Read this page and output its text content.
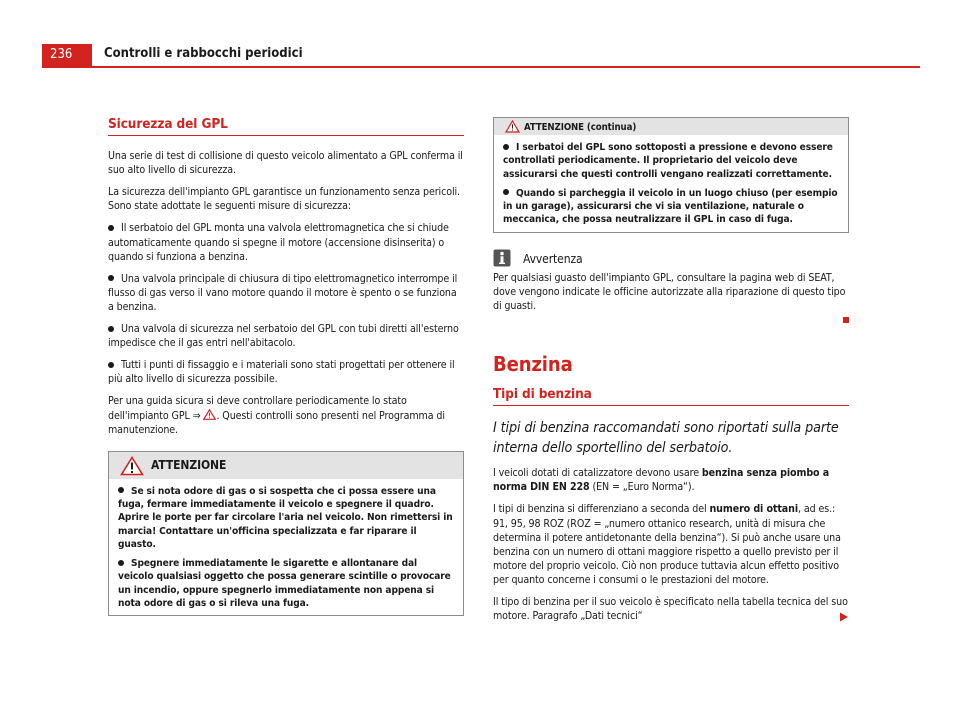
236	Controlli e rabbocchi periodici
Sicurezza del GPL

Una serie di test di collisione di questo veicolo alimentato a GPL conferma il suo alto livello di sicurezza.

La sicurezza dell'impianto GPL garantisce un funzionamento senza pericoli. Sono state adottate le seguenti misure di sicurezza:

Il serbatoio del GPL monta una valvola elettromagnetica che si chiude automaticamente quando si spegne il motore (accensione disinserita) o quando si funziona a benzina.

Una valvola principale di chiusura di tipo elettromagnetico interrompe il flusso di gas verso il vano motore quando il motore è spento o se funziona a benzina.

Una valvola di sicurezza nel serbatoio del GPL con tubi diretti all'esterno impedisce che il gas entri nell'abitacolo.

Tutti i punti di fissaggio e i materiali sono stati progettati per ottenere il più alto livello di sicurezza possibile.

Per una guida sicura si deve controllare periodicamente lo stato dell'impianto GPL ⇒ . Questi controlli sono presenti nel Programma di manutenzione.

ATTENZIONE

Se si nota odore di gas o si sospetta che ci possa essere una fuga, fermare immediatamente il veicolo e spegnere il quadro. Aprire le porte per far circolare l'aria nel veicolo. Non rimettersi in marcia! Contattare un'officina specializzata e far riparare il guasto.

Spegnere immediatamente le sigarette e allontanare dal veicolo qualsiasi oggetto che possa generare scintille o provocare un incendio, oppure spegnerlo immediatamente non appena si nota odore di gas o si rileva una fuga.

ATTENZIONE (continua)

I serbatoi del GPL sono sottoposti a pressione e devono essere controllati periodicamente. Il proprietario del veicolo deve assicurarsi che questi controlli vengano realizzati correttamente.

Quando si parcheggia il veicolo in un luogo chiuso (per esempio in un garage), assicurarsi che vi sia ventilazione, naturale o meccanica, che possa neutralizzare il GPL in caso di fuga.

Avvertenza

Per qualsiasi guasto dell'impianto GPL, consultare la pagina web di SEAT, dove vengono indicate le officine autorizzate alla riparazione di questo tipo di guasti.

Benzina
Tipi di benzina

I tipi di benzina raccomandati sono riportati sulla parte interna dello sportellino del serbatoio.

I veicoli dotati di catalizzatore devono usare benzina senza piombo a norma DIN EN 228 (EN = „Euro Norma“).

I tipi di benzina si differenziano a seconda del numero di ottani, ad es.: 91, 95, 98 ROZ (ROZ = „numero ottanico research, unità di misura che determina il potere antidetonante della benzina“). Si può anche usare una benzina con un numero di ottani maggiore rispetto a quello previsto per il motore del proprio veicolo. Ciò non produce tuttavia alcun effetto positivo per quanto concerne i consumi o le prestazioni del motore.

Il tipo di benzina per il suo veicolo è specificato nella tabella tecnica del suo motore. Paragrafo „Dati tecnici“
